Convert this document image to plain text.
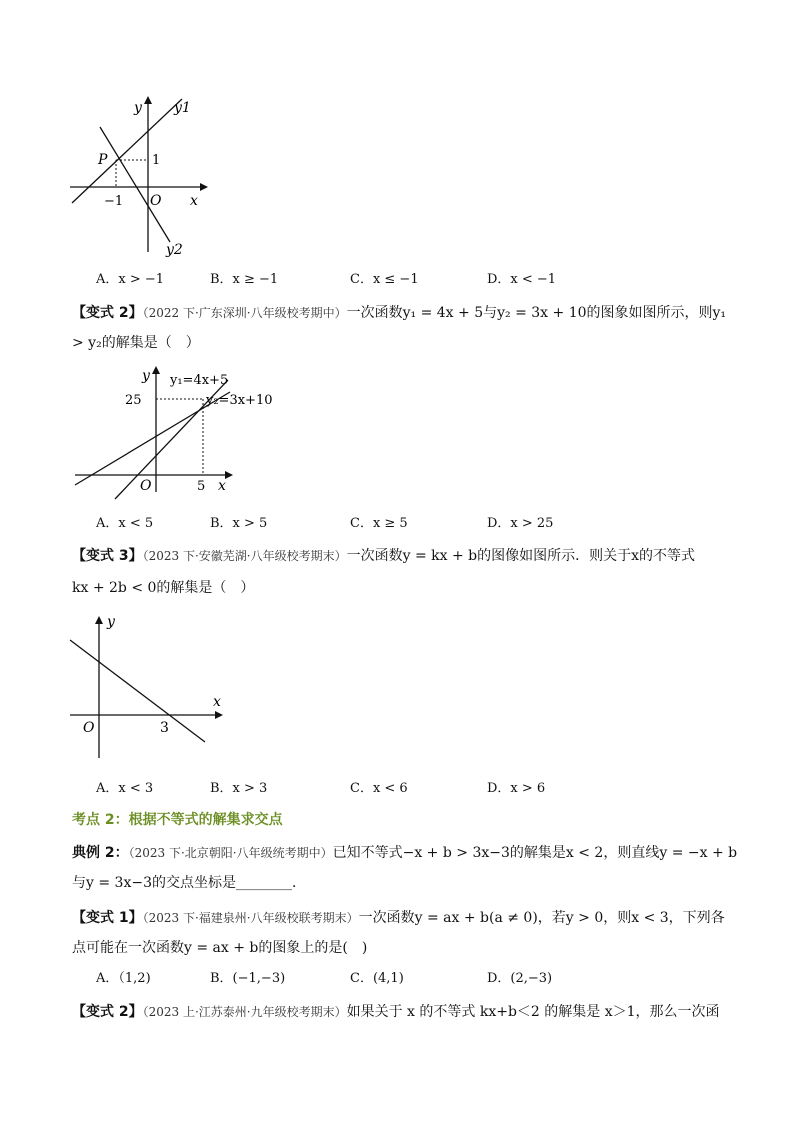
y y1
P	1
−1 O x
y2
A．x > −1	B．x ≥ −1	C．x ≤ −1	D．x < −1
【变式 2】（2022 下·广东深圳·八年级校考期中）一次函数y₁ = 4x + 5与y₂ = 3x + 10的图象如图所示，则y₁
> y₂的解集是（　）
y y₁=4x+5
25	y₂=3x+10
O	5 x
A．x < 5	B．x > 5	C．x ≥ 5	D．x > 25
【变式 3】（2023 下·安徽芜湖·八年级校考期末）一次函数y = kx + b的图像如图所示．则关于x的不等式
kx + 2b < 0的解集是（　）
y
x
O	3
A．x < 3	B．x > 3	C．x < 6	D．x > 6
考点 2：根据不等式的解集求交点
典例 2：（2023 下·北京朝阳·八年级统考期中）已知不等式−x + b > 3x−3的解集是x < 2，则直线y = −x + b
与y = 3x−3的交点坐标是________．
【变式 1】（2023 下·福建泉州·八年级校联考期末）一次函数y = ax + b(a ≠ 0)，若y > 0，则x < 3，下列各
点可能在一次函数y = ax + b的图象上的是(　)
A．（1,2)	B．(−1,−3)	C．(4,1)	D．(2,−3)
【变式 2】（2023 上·江苏泰州·九年级校考期末）如果关于 x 的不等式 kx+b＜2 的解集是 x＞1，那么一次函
